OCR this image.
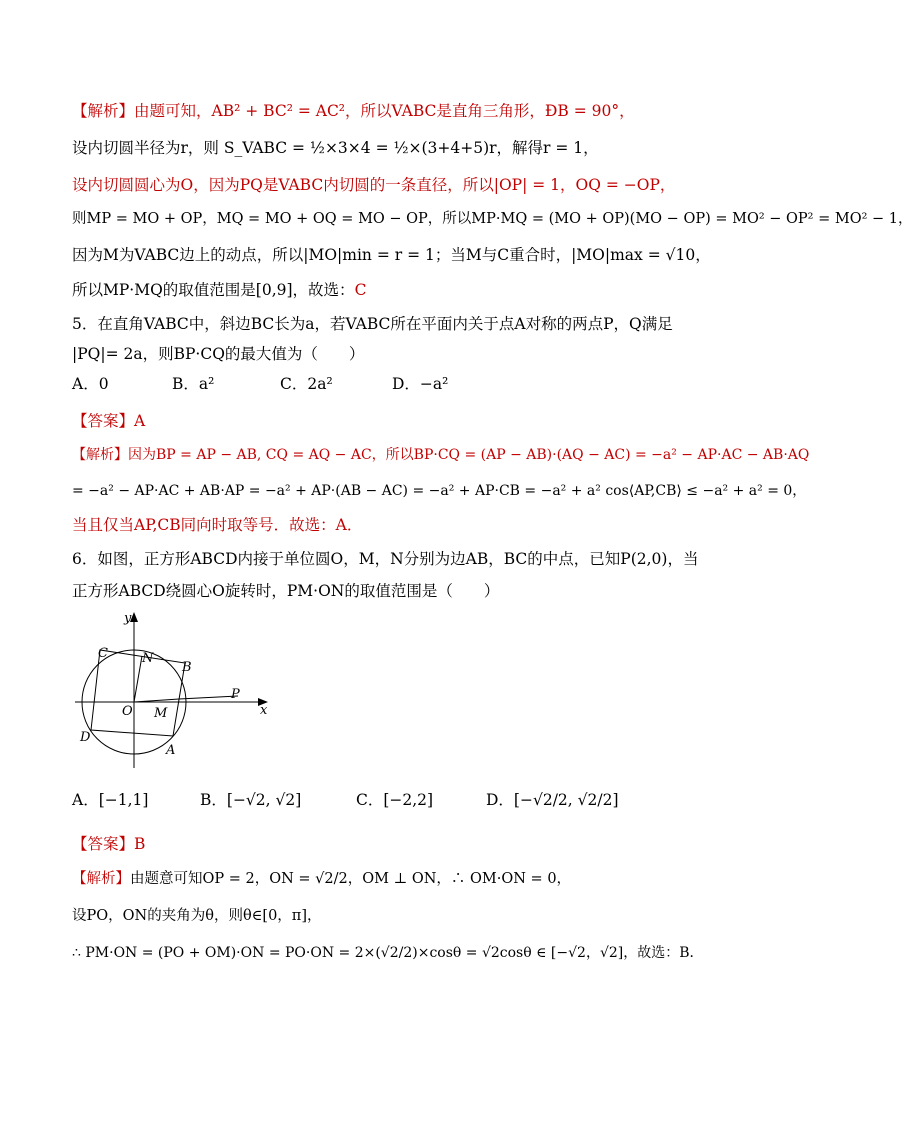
【解析】由题可知，AB² + BC² = AC²，所以VABC是直角三角形，ÐB = 90°，
设内切圆半径为r，则 S_VABC = ½×3×4 = ½×(3+4+5)r，解得r = 1，
设内切圆圆心为O，因为PQ是VABC内切圆的一条直径，所以|OP| = 1，OQ = −OP，
则MP = MO + OP，MQ = MO + OQ = MO − OP，所以MP·MQ = (MO + OP)(MO − OP) = MO² − OP² = MO² − 1，
因为M为VABC边上的动点，所以|MO|min = r = 1；当M与C重合时，|MO|max = √10，
所以MP·MQ的取值范围是[0,9]，故选：C
5．在直角VABC中，斜边BC长为a，若VABC所在平面内关于点A对称的两点P，Q满足
|PQ|= 2a，则BP·CQ的最大值为（　　）
A．0	B．a²	C．2a²	D．−a²
【答案】A
【解析】因为BP = AP − AB, CQ = AQ − AC，所以BP·CQ = (AP − AB)·(AQ − AC) = −a² − AP·AC − AB·AQ
= −a² − AP·AC + AB·AP = −a² + AP·(AB − AC) = −a² + AP·CB = −a² + a² cos⟨AP,CB⟩ ≤ −a² + a² = 0，
当且仅当AP,CB同向时取等号．故选：A．
6．如图，正方形ABCD内接于单位圆O，M，N分别为边AB，BC的中点，已知P(2,0)，当
正方形ABCD绕圆心O旋转时，PM·ON的取值范围是（　　）
y
x
O M
N
P
A
B
C
D
A．[−1,1]	B．[−√2, √2]	C．[−2,2]	D．[−√2/2, √2/2]
【答案】B
【解析】由题意可知OP = 2，ON = √2/2，OM ⊥ ON，∴ OM·ON = 0，
设PO，ON的夹角为θ，则θ∈[0，π]，
∴ PM·ON = (PO + OM)·ON = PO·ON = 2×(√2/2)×cosθ = √2cosθ ∈ [−√2，√2]，故选：B．
